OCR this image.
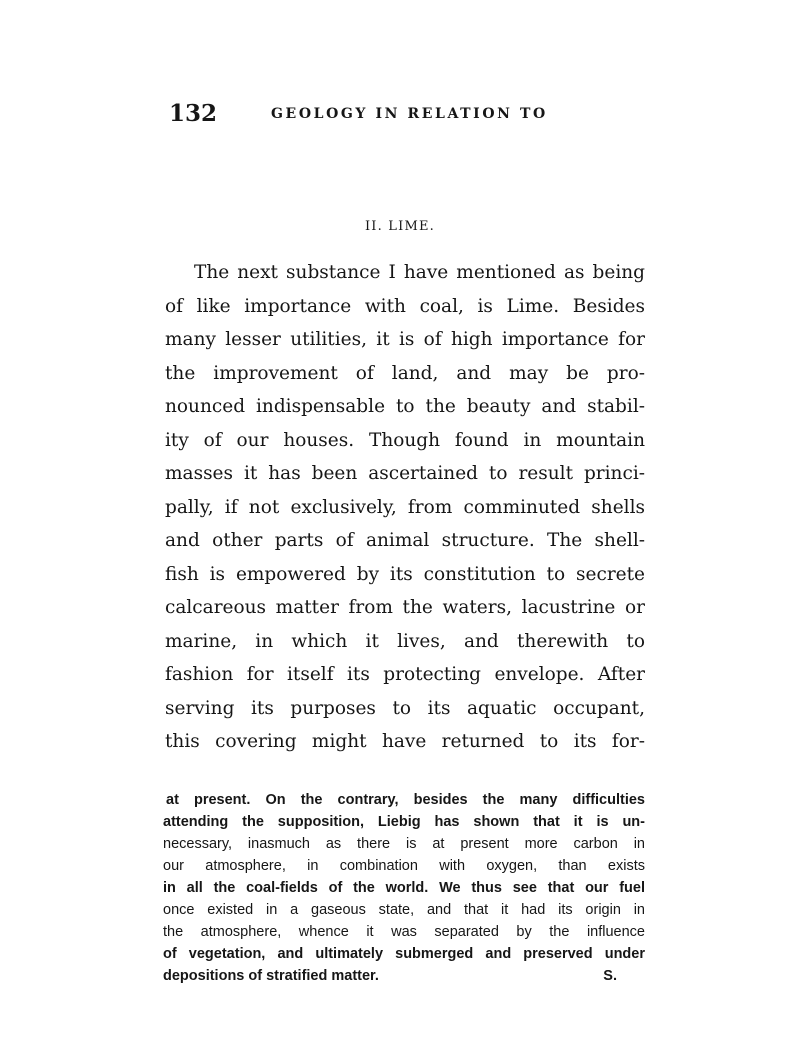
132	GEOLOGY IN RELATION TO
II. LIME.
The next substance I have mentioned as being
of like importance with coal, is Lime. Besides
many lesser utilities, it is of high importance for
the improvement of land, and may be pro-
nounced indispensable to the beauty and stabil-
ity of our houses. Though found in mountain
masses it has been ascertained to result princi-
pally, if not exclusively, from comminuted shells
and other parts of animal structure. The shell-
fish is empowered by its constitution to secrete
calcareous matter from the waters, lacustrine or
marine, in which it lives, and therewith to
fashion for itself its protecting envelope. After
serving its purposes to its aquatic occupant,
this covering might have returned to its for-
at present. On the contrary, besides the many difficulties
attending the supposition, Liebig has shown that it is un-
necessary, inasmuch as there is at present more carbon in
our atmosphere, in combination with oxygen, than exists
in all the coal-fields of the world. We thus see that our fuel
once existed in a gaseous state, and that it had its origin in
the atmosphere, whence it was separated by the influence
of vegetation, and ultimately submerged and preserved under
depositions of stratified matter.	S.
